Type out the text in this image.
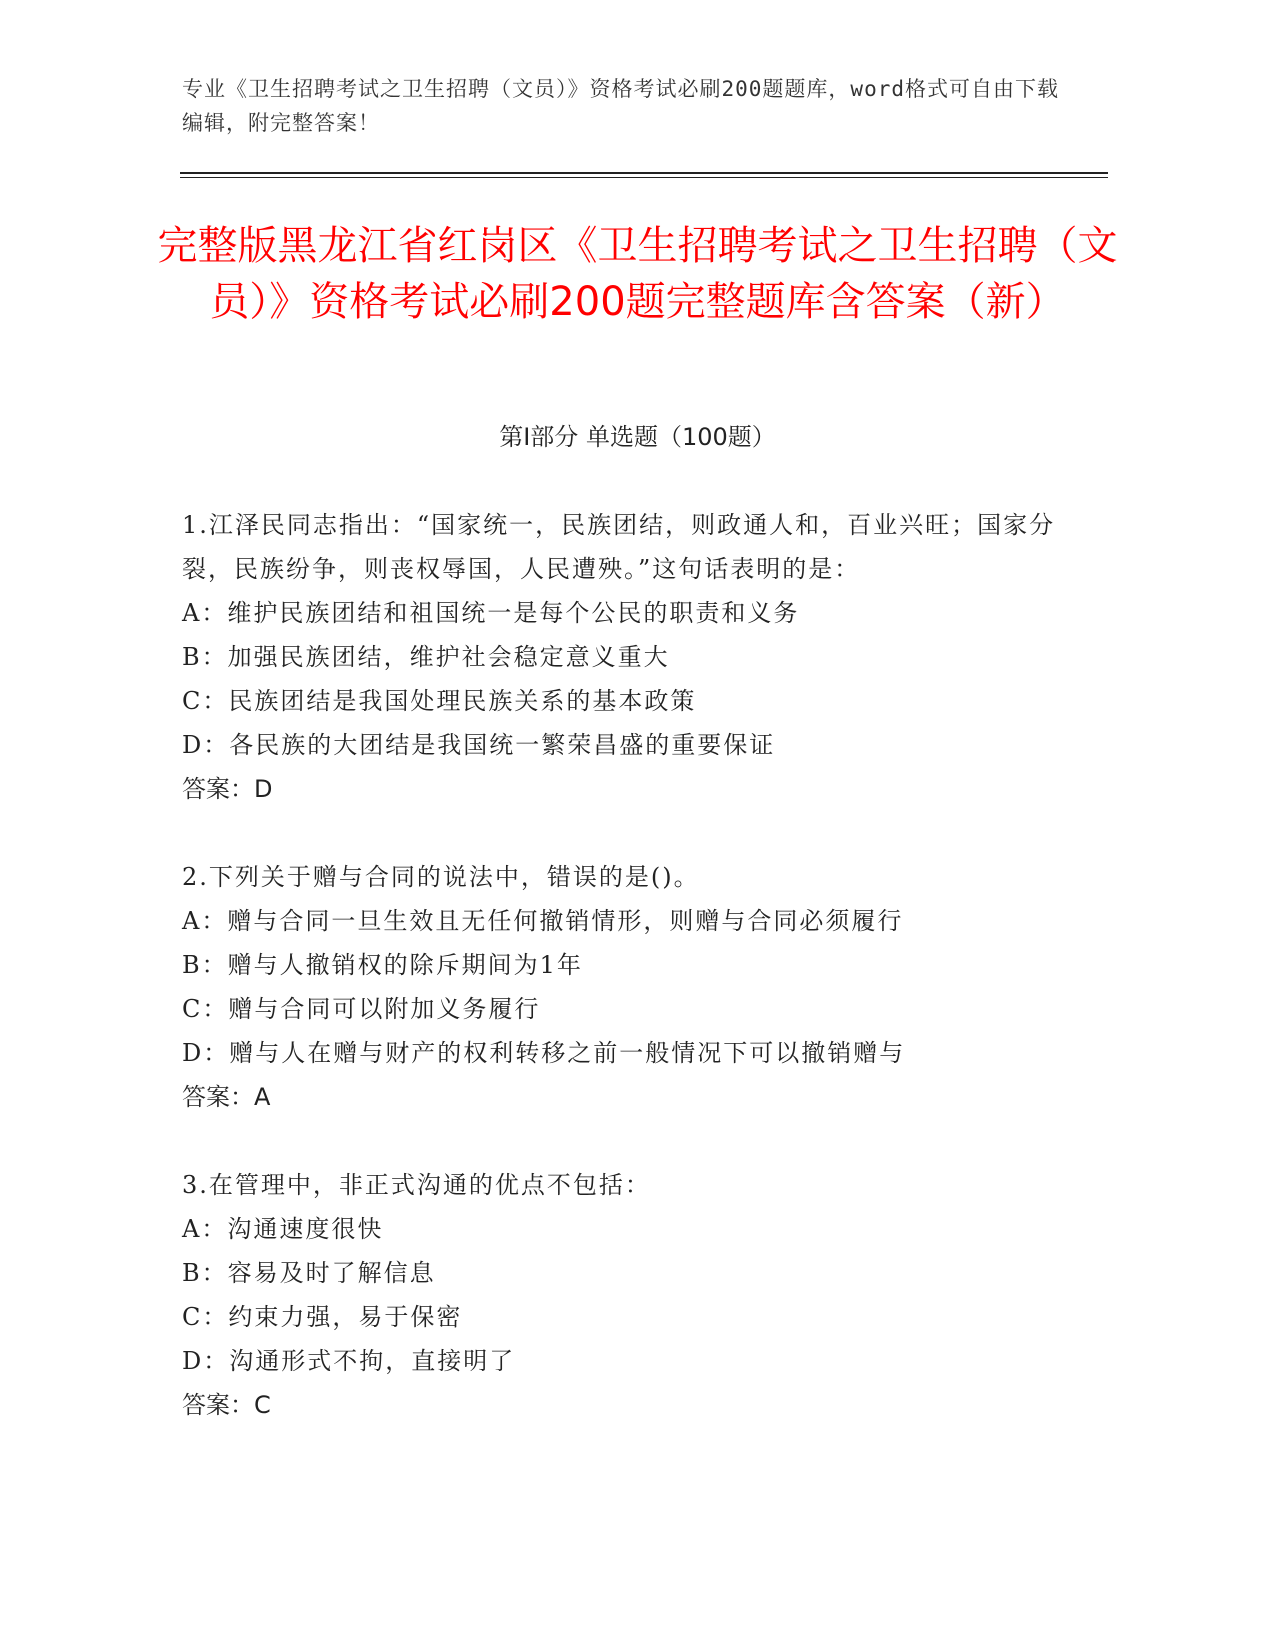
专业《卫生招聘考试之卫生招聘（文员）》资格考试必刷200题题库，word格式可自由下载编辑，附完整答案！
完整版黑龙江省红岗区《卫生招聘考试之卫生招聘（文员）》资格考试必刷200题完整题库含答案（新）
第Ⅰ部分 单选题（100题）
1.江泽民同志指出：“国家统一，民族团结，则政通人和，百业兴旺；国家分裂，民族纷争，则丧权辱国，人民遭殃。”这句话表明的是：
A：维护民族团结和祖国统一是每个公民的职责和义务
B：加强民族团结，维护社会稳定意义重大
C：民族团结是我国处理民族关系的基本政策
D：各民族的大团结是我国统一繁荣昌盛的重要保证
答案：D
2.下列关于赠与合同的说法中，错误的是()。
A：赠与合同一旦生效且无任何撤销情形，则赠与合同必须履行
B：赠与人撤销权的除斥期间为1年
C：赠与合同可以附加义务履行
D：赠与人在赠与财产的权利转移之前一般情况下可以撤销赠与
答案：A
3.在管理中，非正式沟通的优点不包括：
A：沟通速度很快
B：容易及时了解信息
C：约束力强，易于保密
D：沟通形式不拘，直接明了
答案：C
